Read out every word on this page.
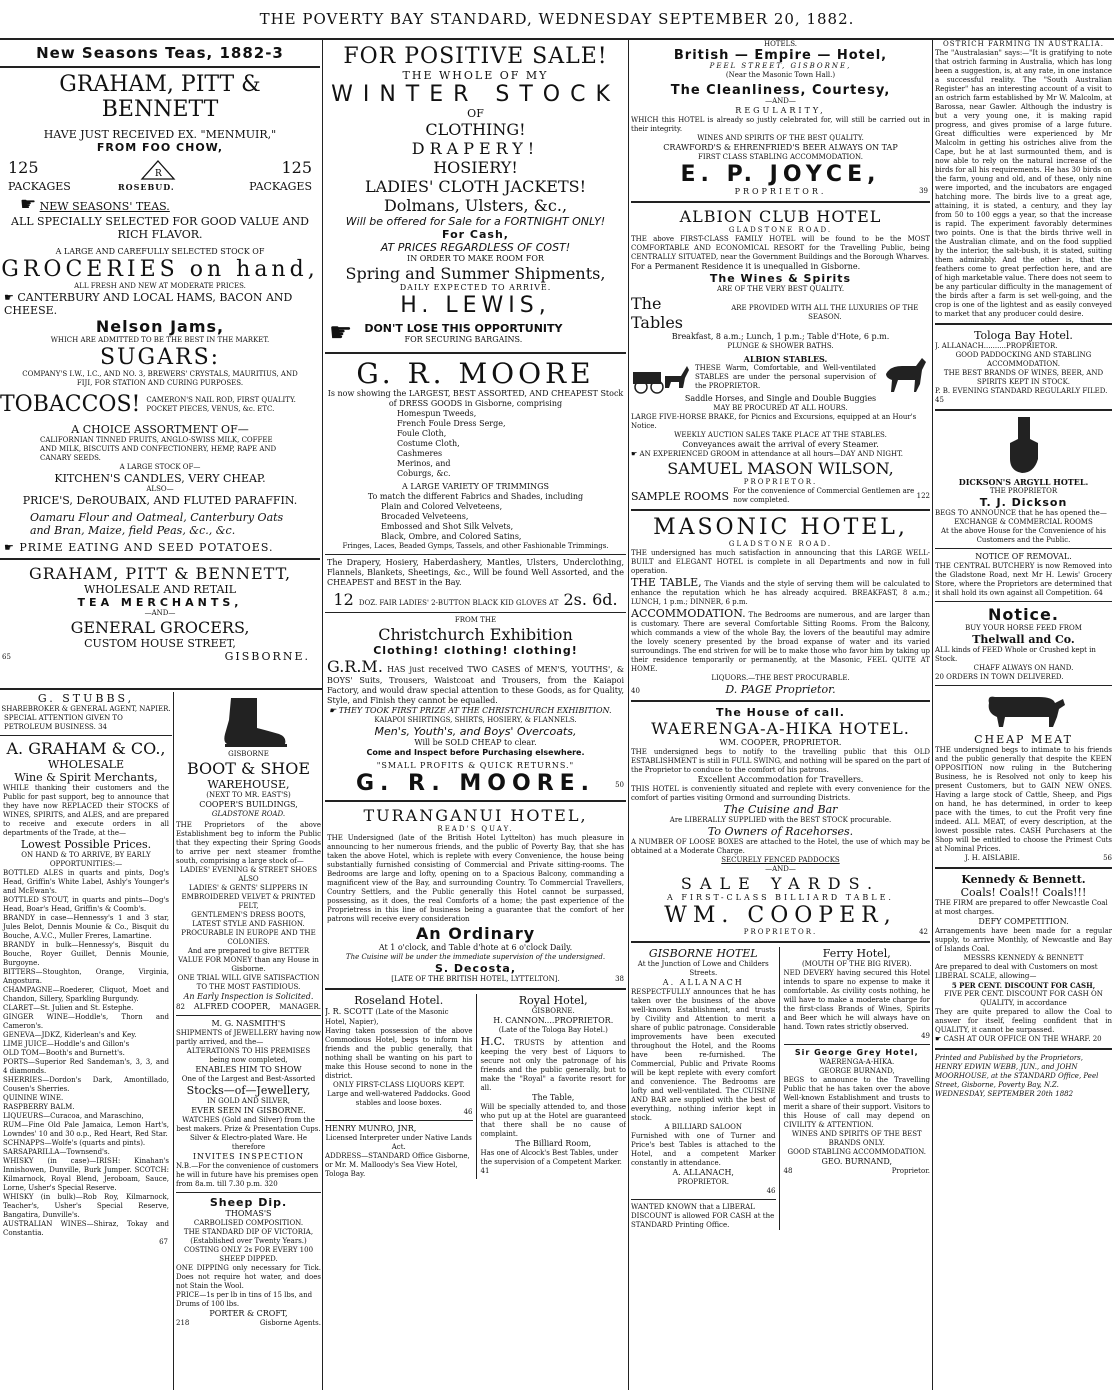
THE POVERTY BAY STANDARD, WEDNESDAY SEPTEMBER 20, 1882.
New Seasons Teas, 1882-3
GRAHAM, PITT & BENNETT
HAVE JUST RECEIVED EX. "MENMUIR,"
FROM FOO CHOW,
125	125
PACKAGES	PACKAGES
ROSEBUD.
R
☛ NEW SEASONS' TEAS.
ALL SPECIALLY SELECTED FOR GOOD VALUE AND RICH FLAVOR.
A LARGE AND CAREFULLY SELECTED STOCK OF
GROCERIES on hand,
ALL FRESH AND NEW AT MODERATE PRICES.
☛ CANTERBURY AND LOCAL HAMS, BACON AND CHEESE.
Nelson Jams,
WHICH ARE ADMITTED TO BE THE BEST IN THE MARKET.
SUGARS:
COMPANY'S I.W., I.C., AND NO. 3, BREWERS' CRYSTALS, MAURITIUS, AND FIJI, FOR STATION AND CURING PURPOSES.
TOBACCOS! CAMERON'S NAIL ROD, FIRST QUALITY. POCKET PIECES, VENUS, &c. ETC.
A CHOICE ASSORTMENT OF—
CALIFORNIAN TINNED FRUITS, ANGLO-SWISS MILK, COFFEE AND MILK, BISCUITS AND CONFECTIONERY, HEMP, RAPE AND CANARY SEEDS.
A LARGE STOCK OF—
KITCHEN'S CANDLES, VERY CHEAP.
ALSO—
PRICE'S, DeROUBAIX, AND FLUTED PARAFFIN.
Oamaru Flour and Oatmeal, Canterbury Oats and Bran, Maize, field Peas, &c., &c.
☛ PRIME EATING AND SEED POTATOES.
GRAHAM, PITT & BENNETT,
WHOLESALE AND RETAIL
TEA MERCHANTS,
—AND—
GENERAL GROCERS,
CUSTOM HOUSE STREET,
65	GISBORNE.
G. STUBBS,
SHAREBROKER & GENERAL AGENT, NAPIER.
SPECIAL ATTENTION GIVEN TO PETROLEUM BUSINESS. 34
A. GRAHAM & CO.,
WHOLESALE
Wine & Spirit Merchants,
WHILE thanking their customers and the Public for past support, beg to announce that they have now REPLACED their STOCKS of WINES, SPIRITS, and ALES, and are prepared to receive and execute orders in all departments of the Trade, at the—
Lowest Possible Prices.
ON HAND & TO ARRIVE, BY EARLY OPPORTUNITIES:—
BOTTLED ALES in quarts and pints, Dog's Head, Griffin's White Label, Ashly's Younger's and McEwan's.
BOTTLED STOUT, in quarts and pints—Dog's Head, Boar's Head, Griffin's & Coomb's.
BRANDY in case—Hennessy's 1 and 3 star, Jules Belot, Dennis Mounie & Co., Bisquit du Bouche, A.V.C., Muller Freres, Lamartine.
BRANDY in bulk—Hennessy's, Bisquit du Bouche, Royer Guillet, Dennis Mounie, Burgoyne.
BITTERS—Stoughton, Orange, Virginia, Angostura.
CHAMPAGNE—Roederer, Cliquot, Moet and Chandon, Sillery, Sparkling Burgundy.
CLARET—St. Julien and St. Estephe.
GINGER WINE—Hoddle's, Thorn and Cameron's.
GENEVA—JDKZ, Kiderlean's and Key.
LIME JUICE—Hoddle's and Gillon's
OLD TOM—Booth's and Burnett's.
PORTS—Superior Red Sandeman's, 3, 3, and 4 diamonds.
SHERRIES—Dordon's Dark, Amontillado, Cousen's Sherries.
QUININE WINE.
RASPBERRY BALM.
LIQUEURS—Curacoa, and Maraschino,
RUM—Fine Old Pale Jamaica, Lemon Hart's, Lowndes' 10 and 30 o.p., Red Heart, Red Star.
SCHNAPPS—Wolfe's (quarts and pints).
SARSAPARILLA—Townsend's.
WHISKY (in case)—IRISH: Kinahan's Innishowen, Dunville, Burk Jumper. SCOTCH: Kilmarnock, Royal Blend, Jeroboam, Sauce, Lorne, Usher's Special Reserve.
WHISKY (in bulk)—Rob Roy, Kilmarnock, Teacher's, Usher's Special Reserve, Bangatira, Dunville's.
AUSTRALIAN WINES—Shiraz, Tokay and Constantia.
67
GISBORNE
BOOT & SHOE
WAREHOUSE,
(NEXT TO MR. EAST'S)
COOPER'S BUILDINGS,
GLADSTONE ROAD.
THE Proprietors of the above Establishment beg to inform the Public that they expecting their Spring Goods to arrive per next steamer fromthe south, comprising a large stock of—
LADIES' EVENING & STREET SHOES
ALSO
LADIES' & GENTS' SLIPPERS IN EMBROIDERED VELVET & PRINTED FELT,
GENTLEMEN'S DRESS BOOTS, LATEST STYLE AND FASHION.
PROCURABLE IN EUROPE AND THE COLONIES.
And are prepared to give BETTER VALUE FOR MONEY than any House in Gisborne.
ONE TRIAL WILL GIVE SATISFACTION TO THE MOST FASTIDIOUS.
An Early Inspection is Solicited.
82 ALFRED COOPER, MANAGER.
M. G. NASMITH'S
SHIPMENTS of JEWELLERY having now partly arrived, and the—
ALTERATIONS TO HIS PREMISES being now completed,
ENABLES HIM TO SHOW
One of the Largest and Best-Assorted
Stocks—of—Jewellery,
IN GOLD AND SILVER,
EVER SEEN IN GISBORNE.
WATCHES (Gold and Silver) from the best makers. Prize & Presentation Cups. Silver & Electro-plated Ware. He therefore
INVITES INSPECTION
N.B.—For the convenience of customers he will in future have his premises open from 8a.m. till 7.30 p.m. 320
Sheep Dip.
THOMAS'S
CARBOLISED COMPOSITION.
THE STANDARD DIP OF VICTORIA,
(Established over Twenty Years.)
COSTING ONLY 2s FOR EVERY 100 SHEEP DIPPED.
ONE DIPPING only necessary for Tick. Does not require hot water, and does not Stain the Wool.
PRICE—1s per lb in tins of 15 lbs, and Drums of 100 lbs.
PORTER & CROFT,
218	Gisborne Agents.
FOR POSITIVE SALE!
THE WHOLE OF MY
WINTER STOCK
OF
CLOTHING!
DRAPERY!
HOSIERY!
LADIES' CLOTH JACKETS!
Dolmans, Ulsters, &c.,
Will be offered for Sale for a FORTNIGHT ONLY!
For Cash,
AT PRICES REGARDLESS OF COST!
IN ORDER TO MAKE ROOM FOR
Spring and Summer Shipments,
DAILY EXPECTED TO ARRIVE.
H. LEWIS,
☛ DON'T LOSE THIS OPPORTUNITY
FOR SECURING BARGAINS.
G. R. MOORE
Is now showing the LARGEST, BEST ASSORTED, AND CHEAPEST Stock of DRESS GOODS in Gisborne, comprising
Homespun Tweeds,
French Foule Dress Serge,
Foule Cloth,
Costume Cloth,
Cashmeres
Merinos, and
Coburgs, &c.
A LARGE VARIETY OF TRIMMINGS
To match the different Fabrics and Shades, including
Plain and Colored Velveteens,
Brocaded Velveteens,
Embossed and Shot Silk Velvets,
Black, Ombre, and Colored Satins,
Fringes, Laces, Beaded Gymps, Tassels, and other Fashionable Trimmings.
The Drapery, Hosiery, Haberdashery, Mantles, Ulsters, Underclothing, Flannels, Blankets, Sheetings, &c., Will be found Well Assorted, and the CHEAPEST and BEST in the Bay.
12 DOZ. FAIR LADIES' 2-BUTTON BLACK KID GLOVES AT 2s. 6d.
FROM THE
Christchurch Exhibition
Clothing! clothing! clothing!
G.R.M. HAS just received TWO CASES of MEN'S, YOUTHS', & BOYS' Suits, Trousers, Waistcoat and Trousers, from the Kaiapoi Factory, and would draw special attention to these Goods, as for Quality, Style, and Finish they cannot be equalled.
☛ THEY TOOK FIRST PRIZE AT THE CHRISTCHURCH EXHIBITION.
KAIAPOI SHIRTINGS, SHIRTS, HOSIERY, & FLANNELS.
Men's, Youth's, and Boys' Overcoats,
Will be SOLD CHEAP to clear.
Come and Inspect before Purchasing elsewhere.
"SMALL PROFITS & QUICK RETURNS."
G. R. MOORE.	50
TURANGANUI HOTEL,
READ'S QUAY.
THE Undersigned (late of the British Hotel Lyttelton) has much pleasure in announcing to her numerous friends, and the public of Poverty Bay, that she has taken the above Hotel, which is replete with every Convenience, the house being substantially furnished consisting of Commercial and Private sitting-rooms. The Bedrooms are large and lofty, opening on to a Spacious Balcony, commanding a magnificent view of the Bay, and surrounding Country. To Commercial Travellers, Country Settlers, and the Public generally this Hotel cannot be surpassed, possessing, as it does, the real Comforts of a home; the past experience of the Proprietress in this line of business being a guarantee that the comfort of her patrons will receive every consideration
An Ordinary
At 1 o'clock, and Table d'hote at 6 o'clock Daily.
The Cuisine will be under the immediate supervision of the undersigned.
S. Decosta,
[LATE OF THE BRITISH HOTEL, LYTTELTON].	38
Roseland Hotel.
J. R. SCOTT (Late of the Masonic Hotel, Napier),
Having taken possession of the above Commodious Hotel, begs to inform his friends and the public generally, that nothing shall be wanting on his part to make this House second to none in the district.
ONLY FIRST-CLASS LIQUORS KEPT.
Large and well-watered Paddocks. Good stables and loose boxes.
46
HENRY MUNRO, JNR,
Licensed Interpreter under Native Lands Act.
ADDRESS—STANDARD Office Gisborne, or Mr. M. Malloody's Sea View Hotel, Tologa Bay.
Royal Hotel,
GISBORNE.
H. CANNON....PROPRIETOR.
(Late of the Tologa Bay Hotel.)
H.C. TRUSTS by attention and keeping the very best of Liquors to secure not only the patronage of his friends and the public generally, but to make the "Royal" a favorite resort for all.
The Table,
Will be specially attended to, and those who put up at the Hotel are guaranteed that there shall be no cause of complaint.
The Billiard Room,
Has one of Alcock's Best Tables, under the supervision of a Competent Marker. 41
HOTELS.
British — Empire — Hotel,
PEEL STREET, GISBORNE,
(Near the Masonic Town Hall.)
The Cleanliness, Courtesy,
—AND—
REGULARITY,
WHICH this HOTEL is already so justly celebrated for, will still be carried out in their integrity.
WINES AND SPIRITS OF THE BEST QUALITY.
CRAWFORD'S & EHRENFRIED'S BEER ALWAYS ON TAP
FIRST CLASS STABLING ACCOMMODATION.
E. P. JOYCE,
PROPRIETOR.	39
ALBION CLUB HOTEL
GLADSTONE ROAD.
THE above FIRST-CLASS FAMILY HOTEL will be found to be the MOST COMFORTABLE AND ECONOMICAL RESORT for the Travelling Public, being CENTRALLY SITUATED, near the Government Buildings and the Borough Wharves.
For a Permanent Residence it is unequalled in Gisborne.
The Wines & Spirits
ARE OF THE VERY BEST QUALITY.
The Tables
ARE PROVIDED WITH ALL THE LUXURIES OF THE SEASON.
Breakfast, 8 a.m.; Lunch, 1 p.m.; Table d'Hote, 6 p.m.
PLUNGE & SHOWER BATHS.
ALBION STABLES.
THESE Warm, Comfortable, and Well-ventilated STABLES are under the personal supervision of the PROPRIETOR.
Saddle Horses, and Single and Double Buggies
MAY BE PROCURED AT ALL HOURS.
LARGE FIVE-HORSE BRAKE, for Picnics and Excursions, equipped at an Hour's Notice.
WEEKLY AUCTION SALES TAKE PLACE AT THE STABLES.
Conveyances await the arrival of every Steamer.
☛ AN EXPERIENCED GROOM in attendance at all hours—DAY AND NIGHT.
SAMUEL MASON WILSON,
PROPRIETOR.
SAMPLE ROOMS For the convenience of Commercial Gentlemen are now completed.
122
MASONIC HOTEL,
GLADSTONE ROAD.
THE undersigned has much satisfaction in announcing that this LARGE WELL-BUILT and ELEGANT HOTEL is complete in all Departments and now in full operation.
THE TABLE, The Viands and the style of serving them will be calculated to enhance the reputation which he has already acquired. BREAKFAST, 8 a.m.; LUNCH, 1 p.m.; DINNER, 6 p.m.
ACCOMMODATION. The Bedrooms are numerous, and are larger than is customary. There are several Comfortable Sitting Rooms. From the Balcony, which commands a view of the whole Bay, the lovers of the beautiful may admire the lovely scenery presented by the broad expanse of water and its varied surroundings. The end striven for will be to make those who favor him by taking up their residence temporarily or permanently, at the Masonic, FEEL QUITE AT HOME.
LIQUORS.—THE BEST PROCURABLE.
40	D. PAGE Proprietor.
The House of call.
WAERENGA-A-HIKA HOTEL.
WM. COOPER, PROPRIETOR.
THE undersigned begs to notify to the travelling public that this OLD ESTABLISHMENT is still in FULL SWING, and nothing will be spared on the part of the Proprietor to conduce to the comfort of his patrons.
Excellent Accommodation for Travellers.
THIS HOTEL is conveniently situated and replete with every convenience for the comfort of parties visiting Ormond and surrounding Districts.
The Cuisine and Bar
Are LIBERALLY SUPPLIED with the BEST STOCK procurable.
To Owners of Racehorses.
A NUMBER OF LOOSE BOXES are attached to the Hotel, the use of which may be obtained at a Moderate Charge.
SECURELY FENCED PADDOCKS
—AND—
SALE YARDS.
A FIRST-CLASS BILLIARD TABLE.
WM. COOPER,
PROPRIETOR.	42
GISBORNE HOTEL
At the Junction of Lowe and Childers Streets.
A. ALLANACH
RESPECTFULLY announces that he has taken over the business of the above well-known Establishment, and trusts by Civility and Attention to merit a share of public patronage. Considerable improvements have been executed throughout the Hotel, and the Rooms have been re-furnished. The Commercial, Public and Private Rooms will be kept replete with every comfort and convenience. The Bedrooms are lofty and well-ventilated. The CUISINE AND BAR are supplied with the best of everything, nothing inferior kept in stock.
A BILLIARD SALOON
Furnished with one of Turner and Price's best Tables is attached to the Hotel, and a competent Marker constantly in attendance.
A. ALLANACH,
PROPRIETOR.
46
WANTED KNOWN that a LIBERAL DISCOUNT is allowed FOR CASH at the STANDARD Printing Office.
Ferry Hotel,
(MOUTH OF THE BIG RIVER).
NED DEVERY having secured this Hotel intends to spare no expense to make it comfortable. As civility costs nothing, he will have to make a moderate charge for the first-class Brands of Wines, Spirits and Beer which he will always have on hand. Town rates strictly observed.
49
Sir George Grey Hotel,
WAERENGA-A-HIKA.
GEORGE BURNAND,
BEGS to announce to the Travelling Public that he has taken over the above Well-known Establishment and trusts to merit a share of their support. Visitors to this House of call may depend on CIVILITY & ATTENTION.
WINES AND SPIRITS OF THE BEST BRANDS ONLY.
GOOD STABLING ACCOMMODATION.
GEO. BURNAND,
48	Proprietor.
OSTRICH FARMING IN AUSTRALIA.
The "Australasian" says:—"It is gratifying to note that ostrich farming in Australia, which has long been a suggestion, is, at any rate, in one instance a successful reality. The "South Australian Register" has an interesting account of a visit to an ostrich farm established by Mr W. Malcolm, at Barossa, near Gawler. Although the industry is but a very young one, it is making rapid progress, and gives promise of a large future. Great difficulties were experienced by Mr Malcolm in getting his ostriches alive from the Cape, but he at last surmounted them, and is now able to rely on the natural increase of the birds for all his requirements. He has 30 birds on the farm, young and old, and of these, only nine were imported, and the incubators are engaged hatching more. The birds live to a great age, attaining, it is stated, a century, and they lay from 50 to 100 eggs a year, so that the increase is rapid. The experiment favorably determines two points. One is that the birds thrive well in the Australian climate, and on the food supplied by the interior, the salt-bush, it is stated, suiting them admirably. And the other is, that the feathers come to great perfection here, and are of high marketable value. There does not seem to be any particular difficulty in the management of the birds after a farm is set well-going, and the crop is one of the lightest and as easily conveyed to market that any producer could desire.
Tologa Bay Hotel.
J. ALLANACH..........PROPRIETOR.
GOOD PADDOCKING AND STABLING ACCOMMODATION.
THE BEST BRANDS OF WINES, BEER, AND SPIRITS KEPT IN STOCK.
P. B. EVENING STANDARD REGULARLY FILED. 45
DICKSON'S ARGYLL HOTEL.
THE PROPRIETOR
T. J. Dickson
BEGS TO ANNOUNCE that he has opened the—
EXCHANGE & COMMERCIAL ROOMS
At the above House for the Convenience of his Customers and the Public.
NOTICE OF REMOVAL.
THE CENTRAL BUTCHERY is now Removed into the Gladstone Road, next Mr H. Lewis' Grocery Store, where the Proprietors are determined that it shall hold its own against all Competition. 64
Notice.
BUY YOUR HORSE FEED FROM
Thelwall and Co.
ALL kinds of FEED Whole or Crushed kept in Stock.
CHAFF ALWAYS ON HAND.
20 ORDERS IN TOWN DELIVERED.
CHEAP MEAT
THE undersigned begs to intimate to his friends and the public generally that despite the KEEN OPPOSITION now ruling in the Butchering Business, he is Resolved not only to keep his present Customers, but to GAIN NEW ONES. Having a large stock of Cattle, Sheep, and Pigs on hand, he has determined, in order to keep pace with the times, to cut the Profit very fine indeed. ALL MEAT, of every description, at the lowest possible rates. CASH Purchasers at the Shop will be entitled to choose the Primest Cuts at Nominal Prices.
J. H. AISLABIE.	56
Kennedy & Bennett.
Coals! Coals!! Coals!!!
THE FIRM are prepared to offer Newcastle Coal at most charges.
DEFY COMPETITION.
Arrangements have been made for a regular supply, to arrive Monthly, of Newcastle and Bay of Islands Coal.
MESSRS KENNEDY & BENNETT
Are prepared to deal with Customers on most LIBERAL SCALE, allowing—
5 PER CENT. DISCOUNT FOR CASH,
FIVE PER CENT. DISCOUNT FOR CASH ON QUALITY, in accordance
They are quite prepared to allow the Coal to answer for itself, feeling confident that in QUALITY, it cannot be surpassed.
☛ CASH AT OUR OFFICE ON THE WHARF. 20
Printed and Published by the Proprietors, HENRY EDWIN WEBB, JUN., and JOHN MOORHOUSE, at the STANDARD Office, Peel Street, Gisborne, Poverty Bay, N.Z.
WEDNESDAY, SEPTEMBER 20th 1882
